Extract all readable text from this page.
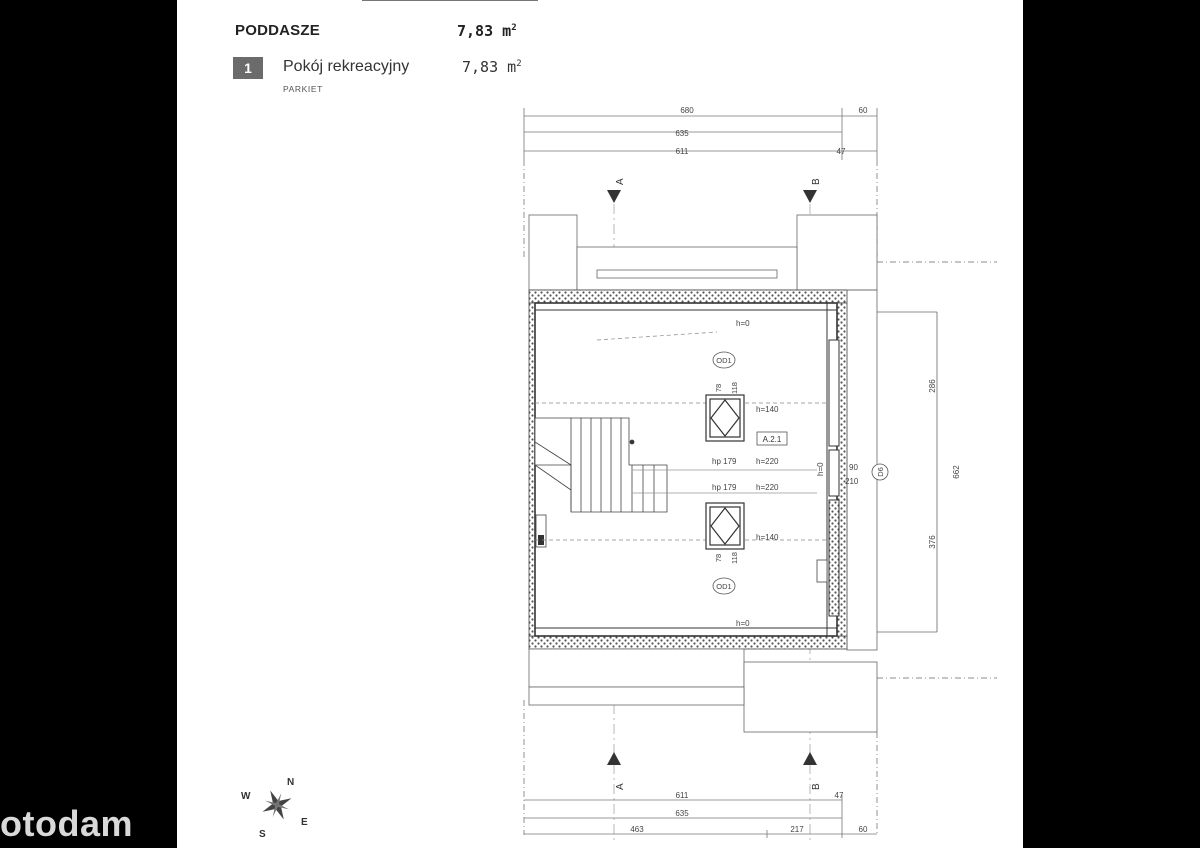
PODDASZE	7,83 $m^2$
1	Pokój rekreacyjny	7,83 $m^2$
PARKIET
680	60
635
611	47
A	B
286
662
376
OD1
OD1
D6
78 118
78 118
h=0
h=140
hp 179 h=220
hp 179 h=220
h=140
h=0
h=0	90
210
A.2.1
A	B
611	47
635
463	217	60
N
E
S
W
otodam
